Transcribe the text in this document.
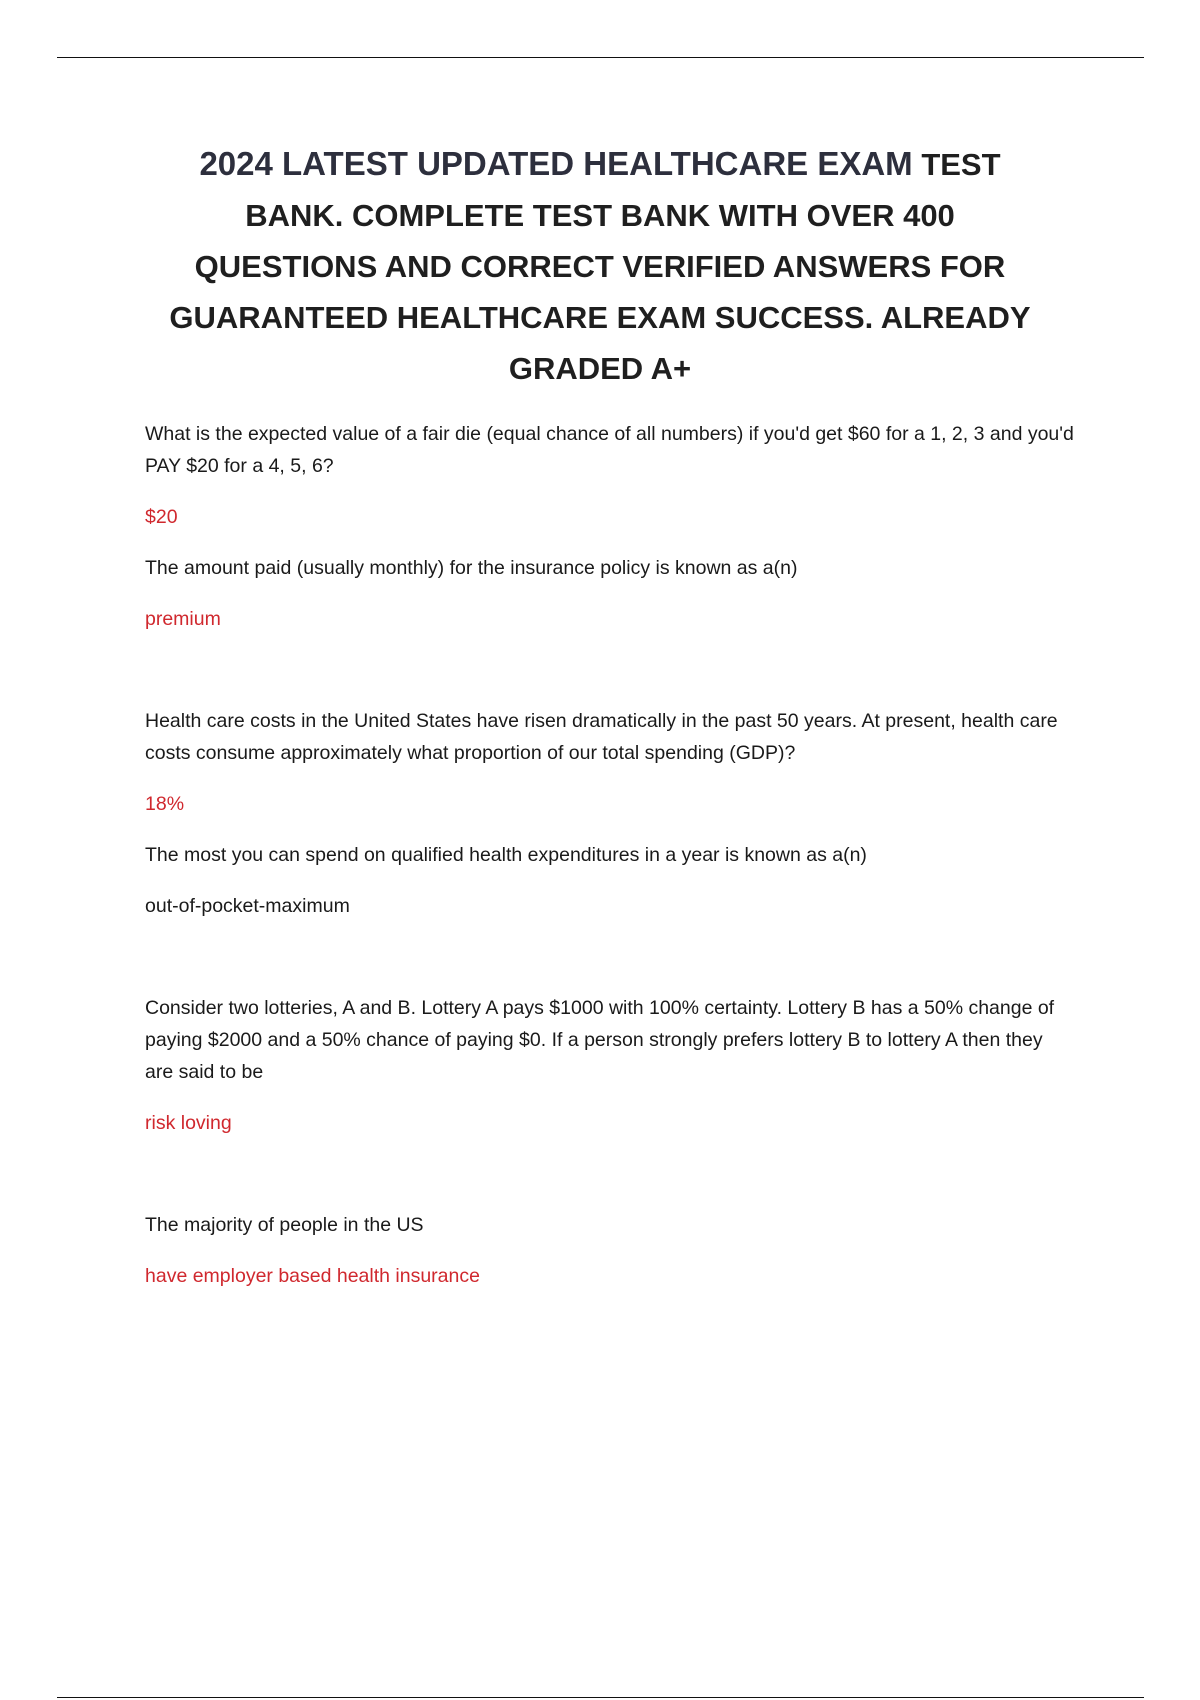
2024 LATEST UPDATED HEALTHCARE EXAM TEST BANK. COMPLETE TEST BANK WITH OVER 400 QUESTIONS AND CORRECT VERIFIED ANSWERS FOR GUARANTEED HEALTHCARE EXAM SUCCESS. ALREADY GRADED A+

What is the expected value of a fair die (equal chance of all numbers) if you'd get $60 for a 1, 2, 3 and you'd PAY $20 for a 4, 5, 6?

$20

The amount paid (usually monthly) for the insurance policy is known as a(n)

premium

Health care costs in the United States have risen dramatically in the past 50 years. At present, health care costs consume approximately what proportion of our total spending (GDP)?

18%

The most you can spend on qualified health expenditures in a year is known as a(n)

out-of-pocket-maximum

Consider two lotteries, A and B. Lottery A pays $1000 with 100% certainty. Lottery B has a 50% change of paying $2000 and a 50% chance of paying $0. If a person strongly prefers lottery B to lottery A then they are said to be

risk loving

The majority of people in the US

have employer based health insurance
